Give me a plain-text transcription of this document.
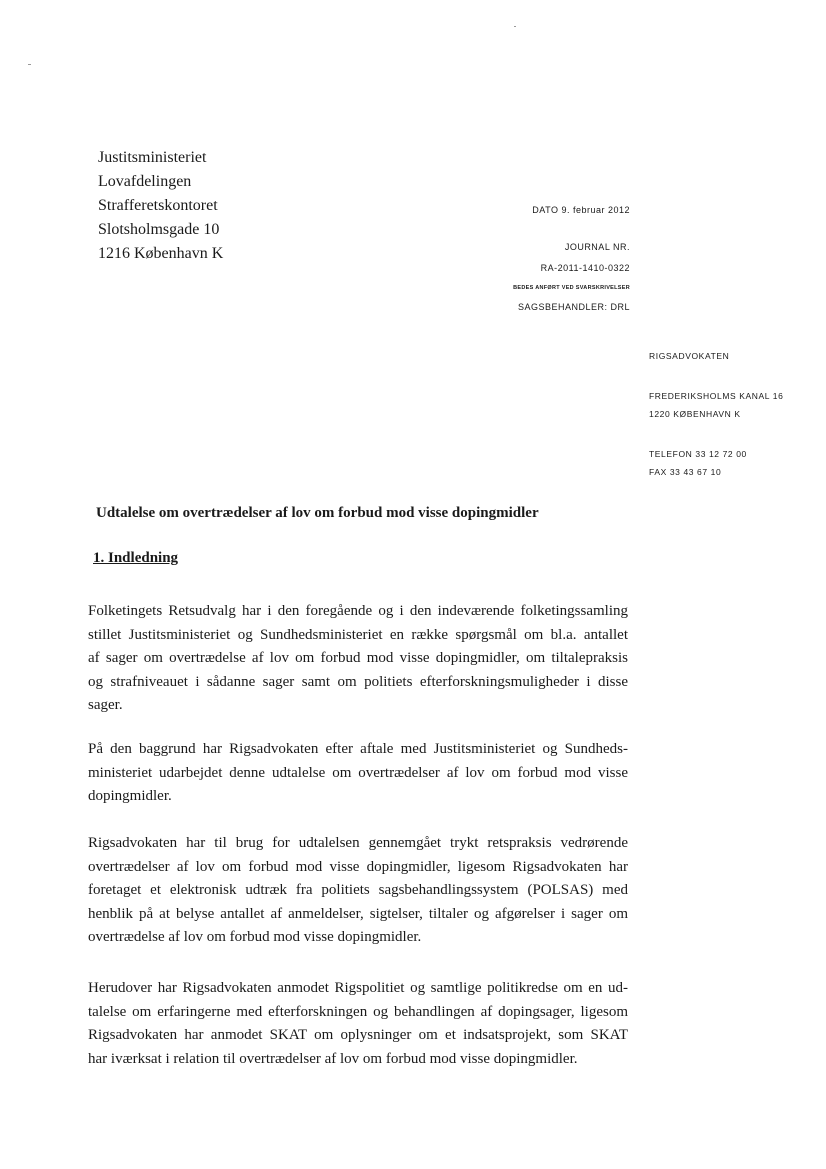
Justitsministeriet
Lovafdelingen
Strafferetskontoret
Slotsholmsgade 10
1216 København K
DATO 9. februar 2012
JOURNAL NR.
RA-2011-1410-0322
BEDES ANFØRT VED SVARSKRIVELSER
SAGSBEHANDLER: DRL
RIGSADVOKATEN
FREDERIKSHOLMS KANAL 16
1220 KØBENHAVN K
TELEFON 33 12 72 00
FAX 33 43 67 10
Udtalelse om overtrædelser af lov om forbud mod visse dopingmidler
1. Indledning
Folketingets Retsudvalg har i den foregående og i den indeværende folketingssamling
stillet Justitsministeriet og Sundhedsministeriet en række spørgsmål om bl.a. antallet
af sager om overtrædelse af lov om forbud mod visse dopingmidler, om tiltalepraksis
og strafniveauet i sådanne sager samt om politiets efterforskningsmuligheder i disse
sager.
På den baggrund har Rigsadvokaten efter aftale med Justitsministeriet og Sundheds-
ministeriet udarbejdet denne udtalelse om overtrædelser af lov om forbud mod visse
dopingmidler.
Rigsadvokaten har til brug for udtalelsen gennemgået trykt retspraksis vedrørende
overtrædelser af lov om forbud mod visse dopingmidler, ligesom Rigsadvokaten har
foretaget et elektronisk udtræk fra politiets sagsbehandlingssystem (POLSAS) med
henblik på at belyse antallet af anmeldelser, sigtelser, tiltaler og afgørelser i sager om
overtrædelse af lov om forbud mod visse dopingmidler.
Herudover har Rigsadvokaten anmodet Rigspolitiet og samtlige politikredse om en ud-
talelse om erfaringerne med efterforskningen og behandlingen af dopingsager, ligesom
Rigsadvokaten har anmodet SKAT om oplysninger om et indsatsprojekt, som SKAT
har iværksat i relation til overtrædelser af lov om forbud mod visse dopingmidler.
